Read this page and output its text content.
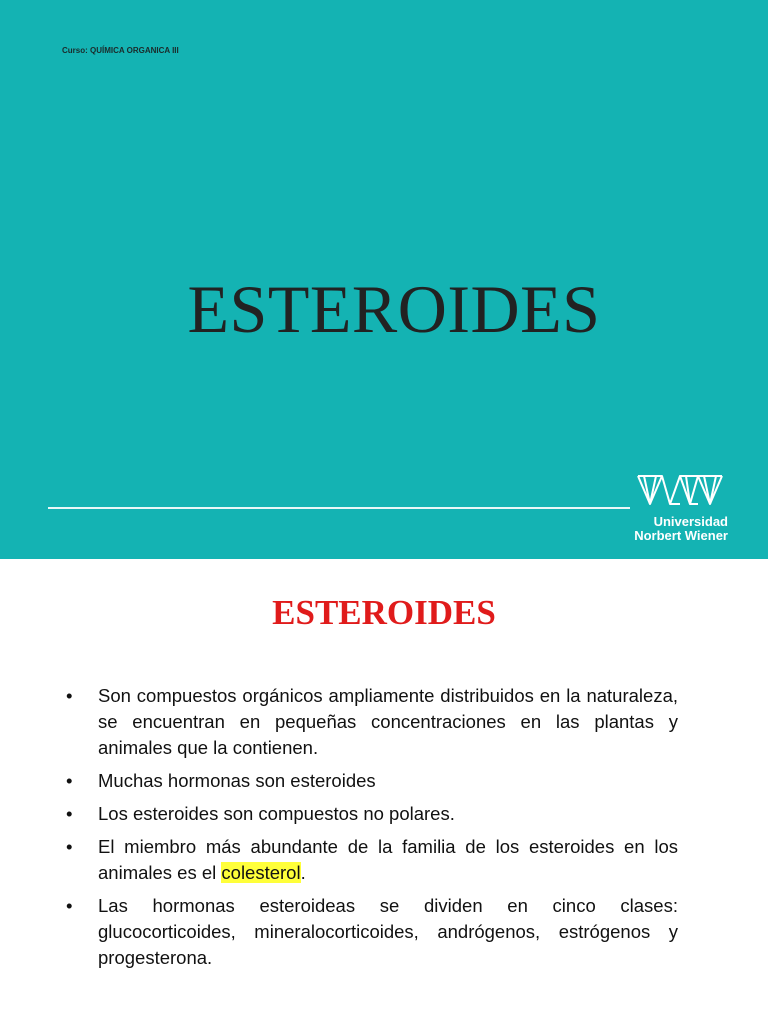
Curso: QUÍMICA ORGANICA III
ESTEROIDES
Universidad
Norbert Wiener
ESTEROIDES
• Son compuestos orgánicos ampliamente distribuidos en la naturaleza, se encuentran en pequeñas concentraciones en las plantas y animales que la contienen.
• Muchas hormonas son esteroides
• Los esteroides son compuestos no polares.
• El miembro más abundante de la familia de los esteroides en los animales es el colesterol.
• Las hormonas esteroideas se dividen en cinco clases: glucocorticoides, mineralocorticoides, andrógenos, estrógenos y progesterona.
